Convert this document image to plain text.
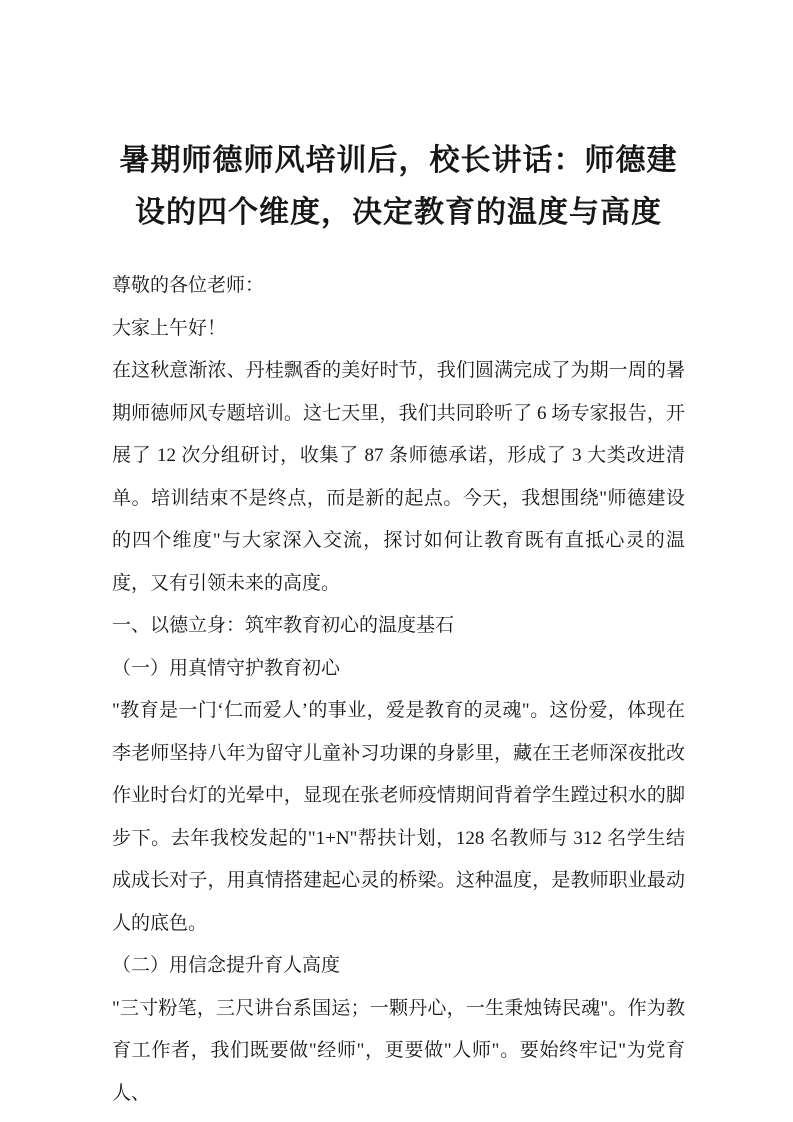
暑期师德师风培训后，校长讲话：师德建设的四个维度，决定教育的温度与高度

尊敬的各位老师：

大家上午好！

在这秋意渐浓、丹桂飘香的美好时节，我们圆满完成了为期一周的暑期师德师风专题培训。这七天里，我们共同聆听了 6 场专家报告，开展了 12 次分组研讨，收集了 87 条师德承诺，形成了 3 大类改进清单。培训结束不是终点，而是新的起点。今天，我想围绕"师德建设的四个维度"与大家深入交流，探讨如何让教育既有直抵心灵的温度，又有引领未来的高度。

一、以德立身：筑牢教育初心的温度基石

（一）用真情守护教育初心

"教育是一门‘仁而爱人’的事业，爱是教育的灵魂"。这份爱，体现在李老师坚持八年为留守儿童补习功课的身影里，藏在王老师深夜批改作业时台灯的光晕中，显现在张老师疫情期间背着学生蹚过积水的脚步下。去年我校发起的"1+N"帮扶计划，128 名教师与 312 名学生结成成长对子，用真情搭建起心灵的桥梁。这种温度，是教师职业最动人的底色。

（二）用信念提升育人高度

"三寸粉笔，三尺讲台系国运；一颗丹心，一生秉烛铸民魂"。作为教育工作者，我们既要做"经师"，更要做"人师"。要始终牢记"为党育人、
